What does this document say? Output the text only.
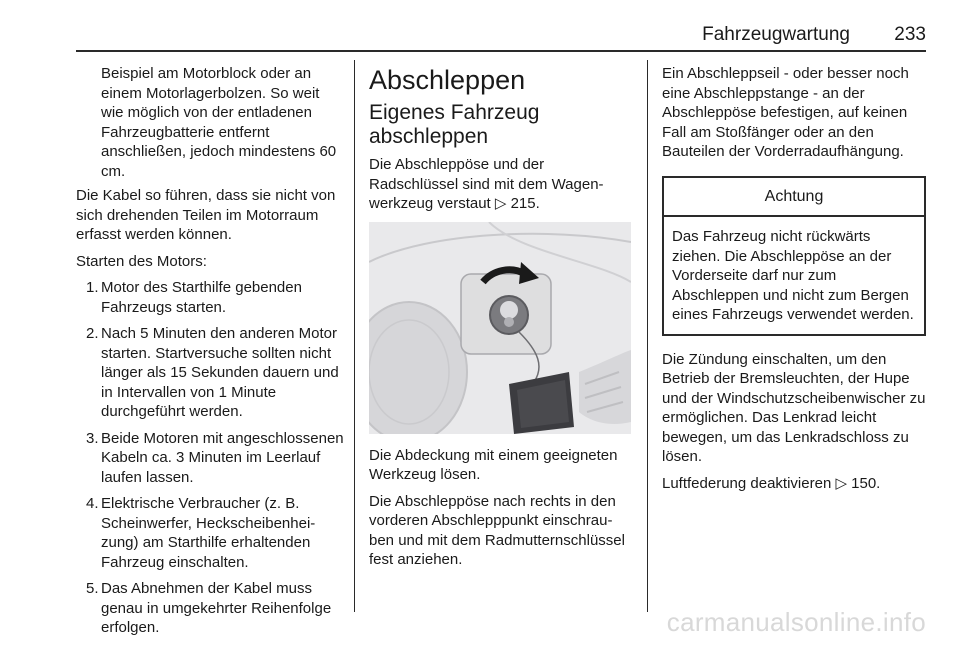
Fahrzeugwartung 233

Beispiel am Motorblock oder an einem Motorlagerbolzen. So weit wie möglich von der entladenen Fahrzeugbatterie entfernt anschließen, jedoch mindestens 60 cm.

Die Kabel so führen, dass sie nicht von sich drehenden Teilen im Motorraum erfasst werden können.

Starten des Motors:

1. Motor des Starthilfe gebenden Fahrzeugs starten.
2. Nach 5 Minuten den anderen Motor starten. Startversuche sollten nicht länger als 15 Sekunden dauern und in Intervallen von 1 Minute durchgeführt werden.
3. Beide Motoren mit angeschlossenen Kabeln ca. 3 Minuten im Leerlauf laufen lassen.
4. Elektrische Verbraucher (z. B. Scheinwerfer, Heckscheibenheizung) am Starthilfe erhaltenden Fahrzeug einschalten.
5. Das Abnehmen der Kabel muss genau in umgekehrter Reihenfolge erfolgen.
Abschleppen
Eigenes Fahrzeug abschleppen

Die Abschleppöse und der Radschlüssel sind mit dem Wagenwerkzeug verstaut ▷ 215.

Die Abdeckung mit einem geeigneten Werkzeug lösen.

Die Abschleppöse nach rechts in den vorderen Abschlepppunkt einschrauben und mit dem Radmutternschlüssel fest anziehen.

Ein Abschleppseil - oder besser noch eine Abschleppstange - an der Abschleppöse befestigen, auf keinen Fall am Stoßfänger oder an den Bauteilen der Vorderradaufhängung.

Achtung
Das Fahrzeug nicht rückwärts ziehen. Die Abschleppöse an der Vorderseite darf nur zum Abschleppen und nicht zum Bergen eines Fahrzeugs verwendet werden.

Die Zündung einschalten, um den Betrieb der Bremsleuchten, der Hupe und der Windschutzscheibenwischer zu ermöglichen. Das Lenkrad leicht bewegen, um das Lenkradschloss zu lösen.

Luftfederung deaktivieren ▷ 150.

carmanualsonline.info
